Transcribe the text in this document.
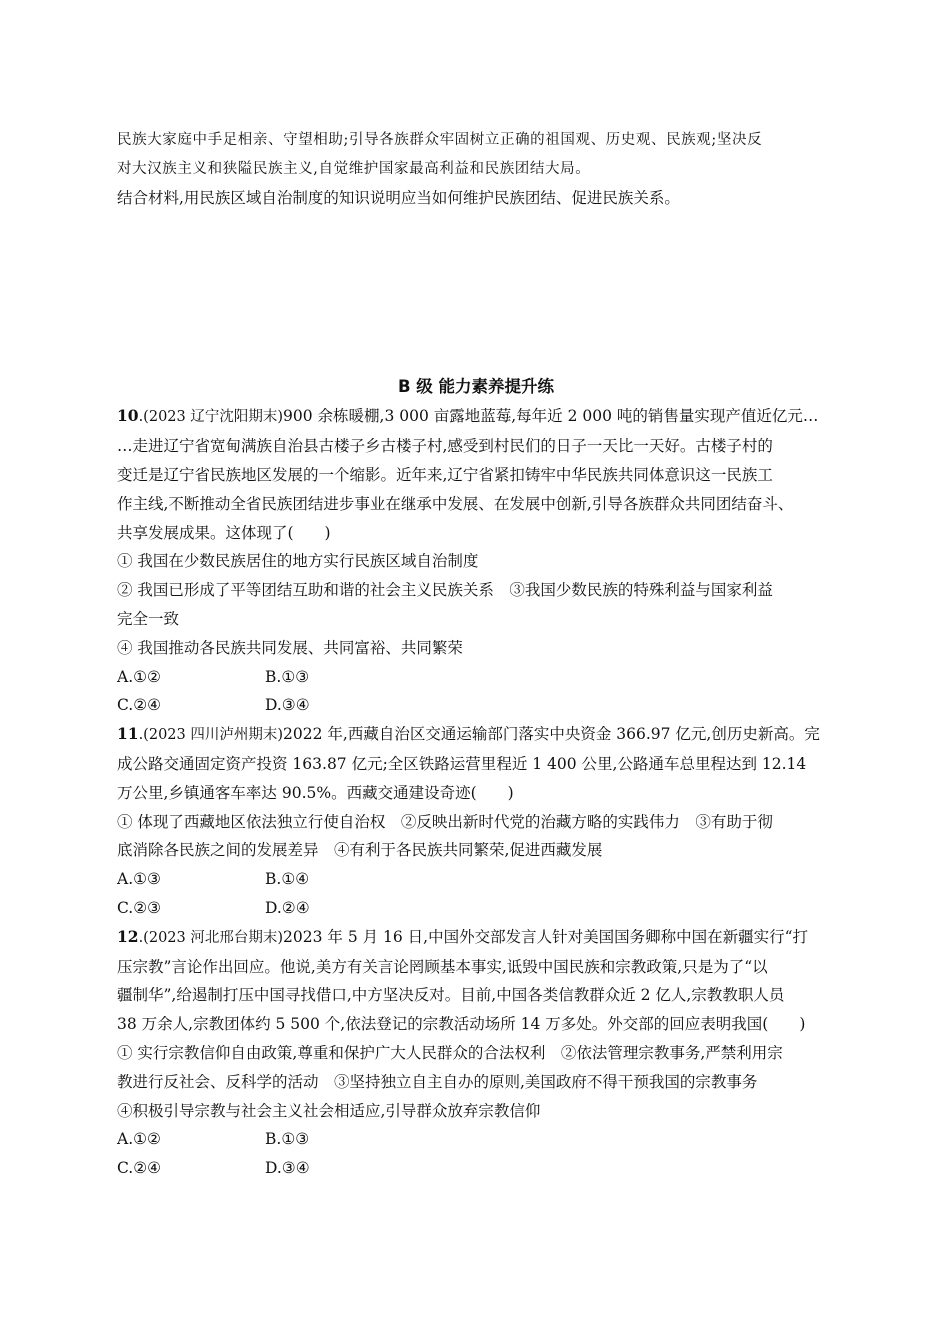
民族大家庭中手足相亲、守望相助;引导各族群众牢固树立正确的祖国观、历史观、民族观;坚决反
对大汉族主义和狭隘民族主义,自觉维护国家最高利益和民族团结大局。
结合材料,用民族区域自治制度的知识说明应当如何维护民族团结、促进民族关系。
B 级 能力素养提升练
10.(2023 辽宁沈阳期末)900 余栋暖棚,3 000 亩露地蓝莓,每年近 2 000 吨的销售量实现产值近亿元…
…走进辽宁省宽甸满族自治县古楼子乡古楼子村,感受到村民们的日子一天比一天好。古楼子村的
变迁是辽宁省民族地区发展的一个缩影。近年来,辽宁省紧扣铸牢中华民族共同体意识这一民族工
作主线,不断推动全省民族团结进步事业在继承中发展、在发展中创新,引导各族群众共同团结奋斗、
共享发展成果。这体现了(　　)
① 我国在少数民族居住的地方实行民族区域自治制度
② 我国已形成了平等团结互助和谐的社会主义民族关系　③我国少数民族的特殊利益与国家利益
完全一致
④ 我国推动各民族共同发展、共同富裕、共同繁荣
A.①②	B.①③
C.②④	D.③④
11.(2023 四川泸州期末)2022 年,西藏自治区交通运输部门落实中央资金 366.97 亿元,创历史新高。完
成公路交通固定资产投资 163.87 亿元;全区铁路运营里程近 1 400 公里,公路通车总里程达到 12.14
万公里,乡镇通客车率达 90.5%。西藏交通建设奇迹(　　)
① 体现了西藏地区依法独立行使自治权　②反映出新时代党的治藏方略的实践伟力　③有助于彻
底消除各民族之间的发展差异　④有利于各民族共同繁荣,促进西藏发展
A.①③	B.①④
C.②③	D.②④
12.(2023 河北邢台期末)2023 年 5 月 16 日,中国外交部发言人针对美国国务卿称中国在新疆实行“打
压宗教”言论作出回应。他说,美方有关言论罔顾基本事实,诋毁中国民族和宗教政策,只是为了“以
疆制华”,给遏制打压中国寻找借口,中方坚决反对。目前,中国各类信教群众近 2 亿人,宗教教职人员
38 万余人,宗教团体约 5 500 个,依法登记的宗教活动场所 14 万多处。外交部的回应表明我国(　　)
① 实行宗教信仰自由政策,尊重和保护广大人民群众的合法权利　②依法管理宗教事务,严禁利用宗
教进行反社会、反科学的活动　③坚持独立自主自办的原则,美国政府不得干预我国的宗教事务
④积极引导宗教与社会主义社会相适应,引导群众放弃宗教信仰
A.①②	B.①③
C.②④	D.③④
